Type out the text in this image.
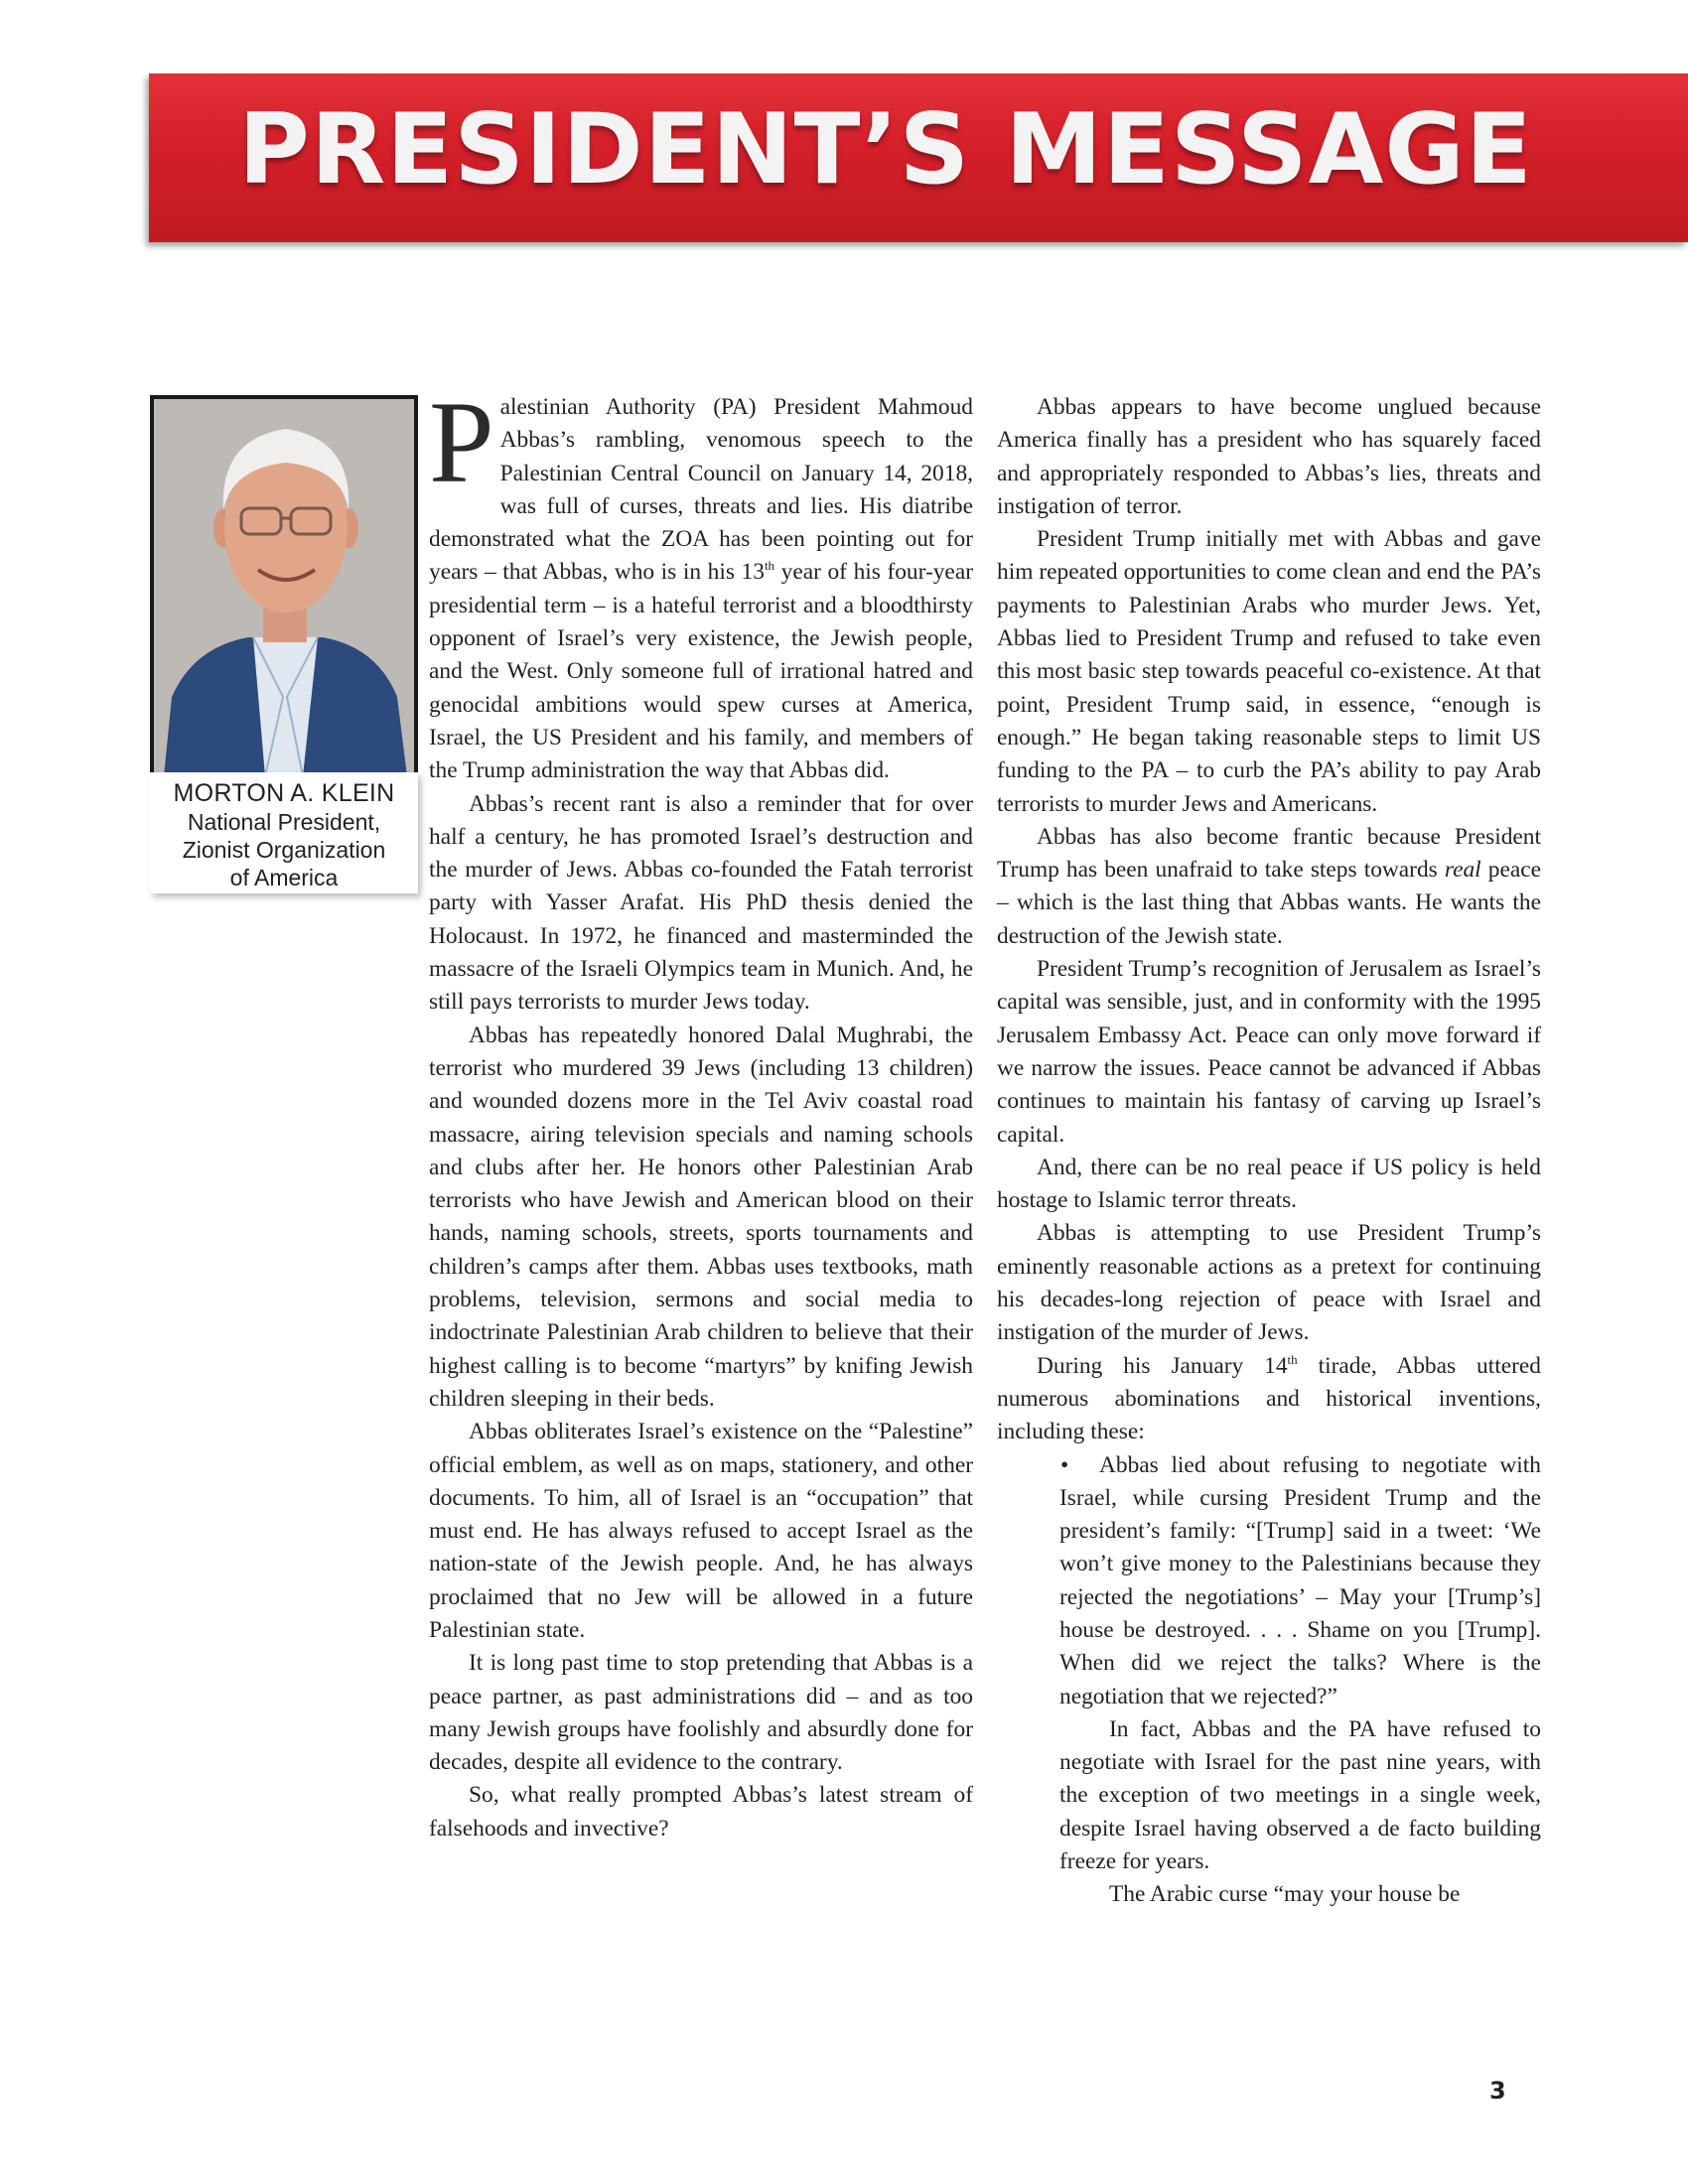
PRESIDENT’S MESSAGE
MORTON A. KLEIN
National President,
Zionist Organization
of America

Palestinian Authority (PA) President Mahmoud Abbas’s rambling, venomous speech to the Palestinian Central Council on January 14, 2018, was full of curses, threats and lies. His diatribe demonstrated what the ZOA has been pointing out for years – that Abbas, who is in his 13th year of his four-year presidential term – is a hateful terrorist and a bloodthirsty opponent of Israel’s very existence, the Jewish people, and the West. Only someone full of irrational hatred and genocidal ambitions would spew curses at America, Israel, the US President and his family, and members of the Trump administration the way that Abbas did.

Abbas’s recent rant is also a reminder that for over half a century, he has promoted Israel’s destruction and the murder of Jews. Abbas co-founded the Fatah terrorist party with Yasser Arafat. His PhD thesis denied the Holocaust. In 1972, he financed and masterminded the massacre of the Israeli Olympics team in Munich. And, he still pays terrorists to murder Jews today.

Abbas has repeatedly honored Dalal Mughrabi, the terrorist who murdered 39 Jews (including 13 children) and wounded dozens more in the Tel Aviv coastal road massacre, airing television specials and naming schools and clubs after her. He honors other Palestinian Arab terrorists who have Jewish and American blood on their hands, naming schools, streets, sports tournaments and children’s camps after them. Abbas uses textbooks, math problems, television, sermons and social media to indoctrinate Palestinian Arab children to believe that their highest calling is to become “martyrs” by knifing Jewish children sleeping in their beds.

Abbas obliterates Israel’s existence on the “Palestine” official emblem, as well as on maps, stationery, and other documents. To him, all of Israel is an “occupation” that must end. He has always refused to accept Israel as the nation-state of the Jewish people. And, he has always proclaimed that no Jew will be allowed in a future Palestinian state.

It is long past time to stop pretending that Abbas is a peace partner, as past administrations did – and as too many Jewish groups have foolishly and absurdly done for decades, despite all evidence to the contrary.

So, what really prompted Abbas’s latest stream of falsehoods and invective?

Abbas appears to have become unglued because America finally has a president who has squarely faced and appropriately responded to Abbas’s lies, threats and instigation of terror.

President Trump initially met with Abbas and gave him repeated opportunities to come clean and end the PA’s payments to Palestinian Arabs who murder Jews. Yet, Abbas lied to President Trump and refused to take even this most basic step towards peaceful co-existence. At that point, President Trump said, in essence, “enough is enough.” He began taking reasonable steps to limit US funding to the PA – to curb the PA’s ability to pay Arab terrorists to murder Jews and Americans.

Abbas has also become frantic because President Trump has been unafraid to take steps towards real peace – which is the last thing that Abbas wants. He wants the destruction of the Jewish state.

President Trump’s recognition of Jerusalem as Israel’s capital was sensible, just, and in conformity with the 1995 Jerusalem Embassy Act. Peace can only move forward if we narrow the issues. Peace cannot be advanced if Abbas continues to maintain his fantasy of carving up Israel’s capital.

And, there can be no real peace if US policy is held hostage to Islamic terror threats.

Abbas is attempting to use President Trump’s eminently reasonable actions as a pretext for continuing his decades-long rejection of peace with Israel and instigation of the murder of Jews.

During his January 14th tirade, Abbas uttered numerous abominations and historical inventions, including these:

• Abbas lied about refusing to negotiate with Israel, while cursing President Trump and the president’s family: “[Trump] said in a tweet: ‘We won’t give money to the Palestinians because they rejected the negotiations’ – May your [Trump’s] house be destroyed. . . . Shame on you [Trump]. When did we reject the talks? Where is the negotiation that we rejected?”

In fact, Abbas and the PA have refused to negotiate with Israel for the past nine years, with the exception of two meetings in a single week, despite Israel having observed a de facto building freeze for years.

The Arabic curse “may your house be

3
